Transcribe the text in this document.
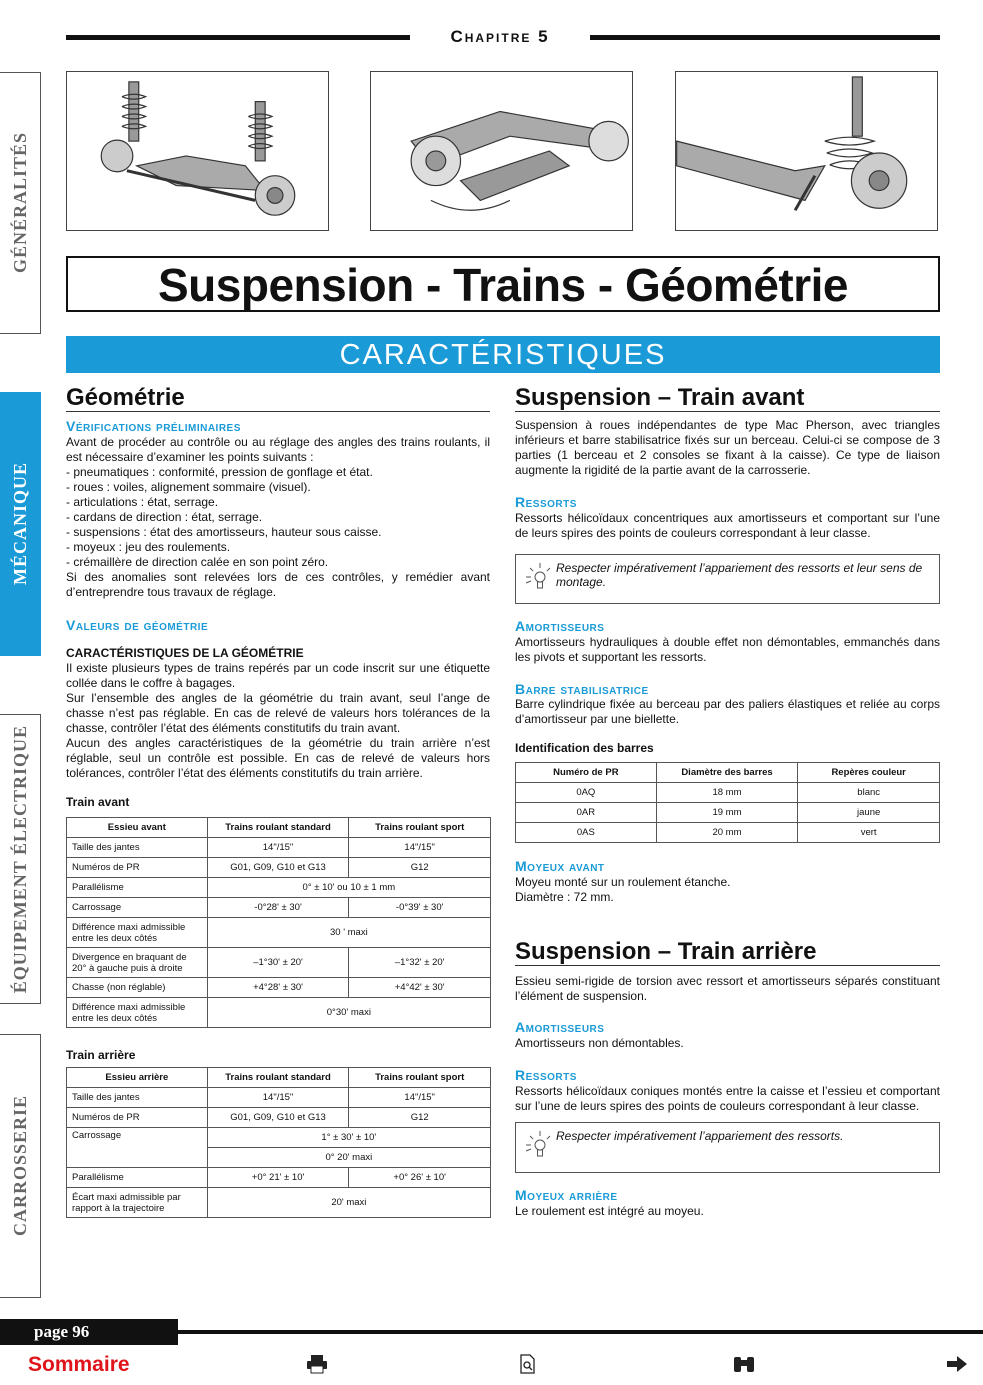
Chapitre 5
GÉNÉRALITÉS
MÉCANIQUE
ÉQUIPEMENT ÉLECTRIQUE
CARROSSERIE
Suspension - Trains - Géométrie
CARACTÉRISTIQUES
Géométrie
Vérifications préliminaires
Avant de procéder au contrôle ou au réglage des angles des trains roulants, il est nécessaire d’examiner les points suivants :
- pneumatiques : conformité, pression de gonflage et état.
- roues : voiles, alignement sommaire (visuel).
- articulations : état, serrage.
- cardans de direction : état, serrage.
- suspensions : état des amortisseurs, hauteur sous caisse.
- moyeux : jeu des roulements.
- crémaillère de direction calée en son point zéro.
Si des anomalies sont relevées lors de ces contrôles, y remédier avant d’entreprendre tous travaux de réglage.
Valeurs de géométrie
CARACTÉRISTIQUES DE LA GÉOMÉTRIE
Il existe plusieurs types de trains repérés par un code inscrit sur une étiquette collée dans le coffre à bagages.
Sur l’ensemble des angles de la géométrie du train avant, seul l’ange de chasse n’est pas réglable. En cas de relevé de valeurs hors tolérances de la chasse, contrôler l’état des éléments constitutifs du train avant.
Aucun des angles caractéristiques de la géométrie du train arrière n’est réglable, seul un contrôle est possible. En cas de relevé de valeurs hors tolérances, contrôler l’état des éléments constitutifs du train arrière.
Train avant
Essieu avant	Trains roulant standard	Trains roulant sport
Taille des jantes	14"/15"	14"/15"
Numéros de PR	G01, G09, G10 et G13	G12
Parallélisme	0° ± 10' ou 10 ± 1 mm	
Carrossage	-0°28' ± 30'	-0°39' ± 30'
Différence maxi admissible entre les deux côtés	30 ' maxi	
Divergence en braquant de 20° à gauche puis à droite	–1°30' ± 20'	–1°32' ± 20'
Chasse (non réglable)	+4°28' ± 30'	+4°42' ± 30'
Différence maxi admissible entre les deux côtés	0°30' maxi	
Train arrière
Essieu arrière	Trains roulant standard	Trains roulant sport
Taille des jantes	14"/15"	14"/15"
Numéros de PR	G01, G09, G10 et G13	G12
Carrossage	1° ± 30' ± 10'	
	0° 20' maxi	
Parallélisme	+0° 21' ± 10'	+0° 26' ± 10'
Écart maxi admissible par rapport à la trajectoire	20' maxi	
Suspension – Train avant
Suspension à roues indépendantes de type Mac Pherson, avec triangles inférieurs et barre stabilisatrice fixés sur un berceau. Celui-ci se compose de 3 parties (1 berceau et 2 consoles se fixant à la caisse). Ce type de liaison augmente la rigidité de la partie avant de la carrosserie.
Ressorts
Ressorts hélicoïdaux concentriques aux amortisseurs et comportant sur l’une de leurs spires des points de couleurs correspondant à leur classe.
Respecter impérativement l’appariement des ressorts et leur sens de montage.
Amortisseurs
Amortisseurs hydrauliques à double effet non démontables, emmanchés dans les pivots et supportant les ressorts.
Barre stabilisatrice
Barre cylindrique fixée au berceau par des paliers élastiques et reliée au corps d’amortisseur par une biellette.
Identification des barres
Numéro de PR	Diamètre des barres	Repères couleur
0AQ	18 mm	blanc
0AR	19 mm	jaune
0AS	20 mm	vert
Moyeux avant
Moyeu monté sur un roulement étanche.
Diamètre : 72 mm.
Suspension – Train arrière
Essieu semi-rigide de torsion avec ressort et amortisseurs séparés constituant l’élément de suspension.
Amortisseurs
Amortisseurs non démontables.
Ressorts
Ressorts hélicoïdaux coniques montés entre la caisse et l’essieu et comportant sur l’une de leurs spires des points de couleurs correspondant à leur classe.
Respecter impérativement l’appariement des ressorts.
Moyeux arrière
Le roulement est intégré au moyeu.
page 96
Sommaire
